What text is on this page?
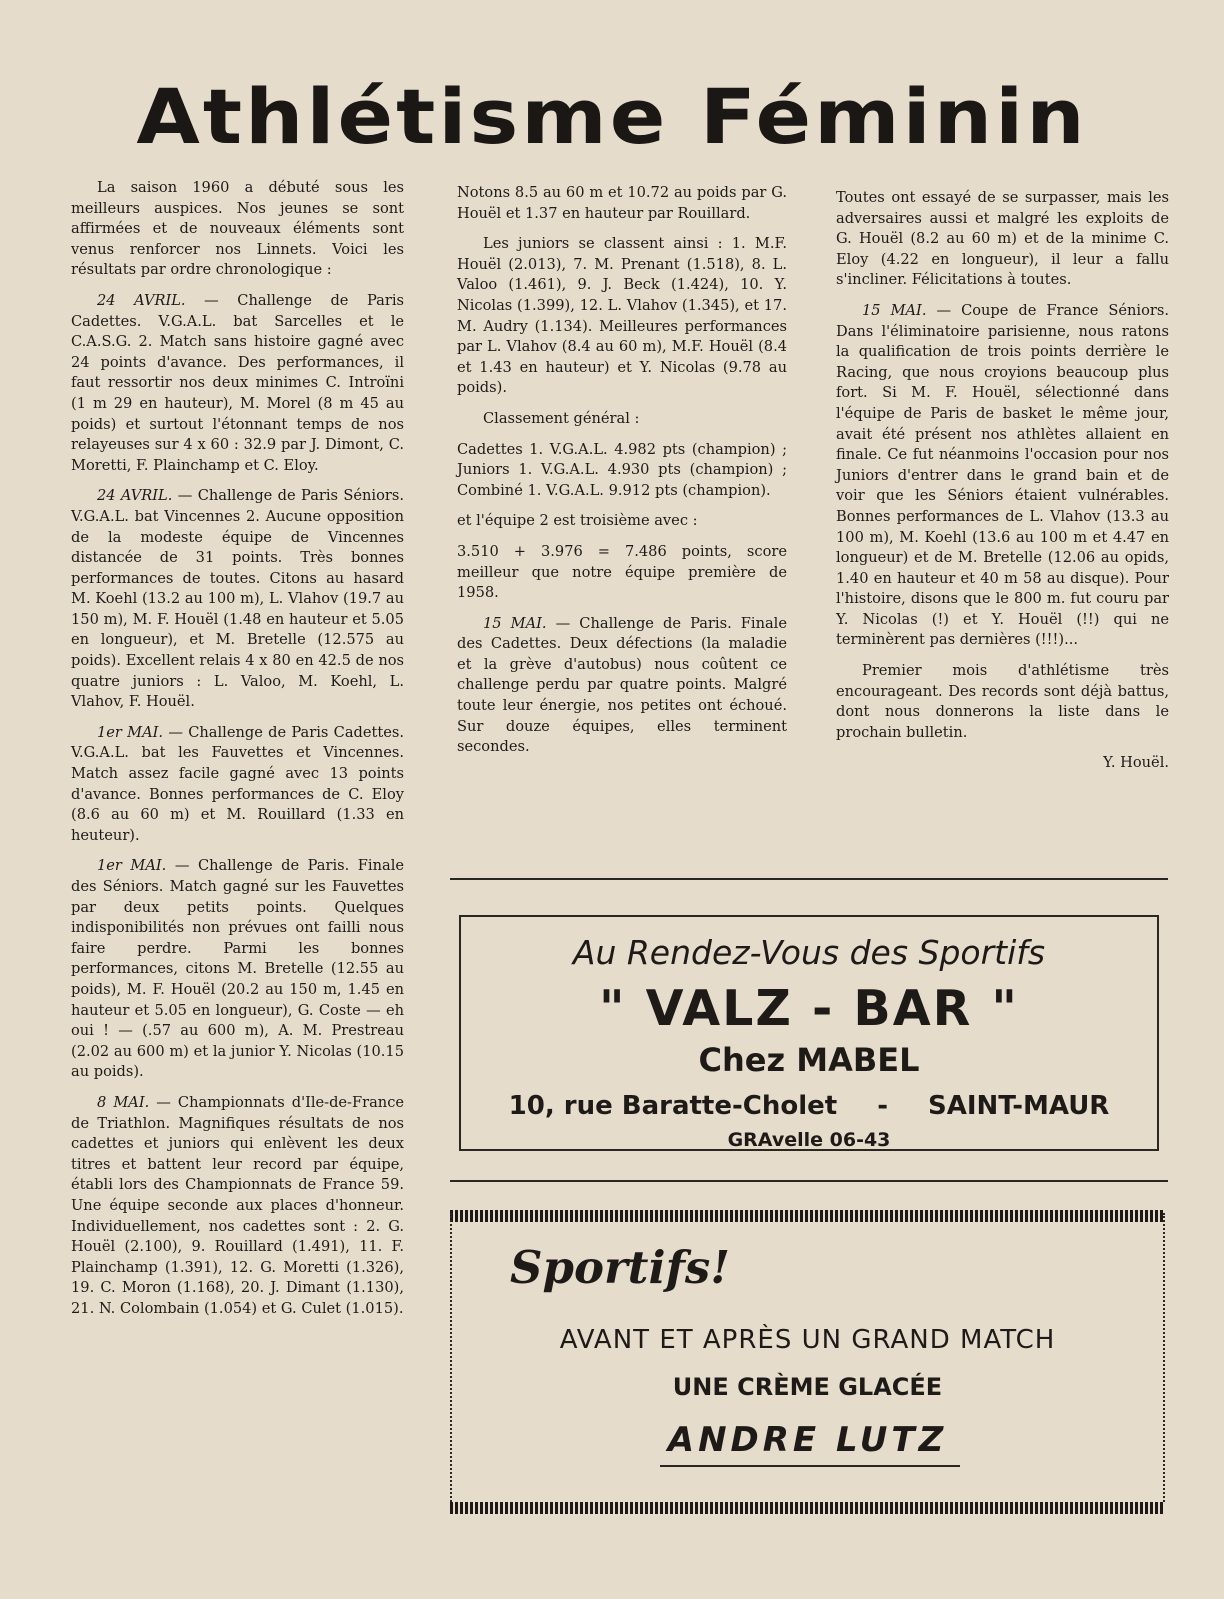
Athlétisme Féminin

La saison 1960 a débuté sous les meilleurs auspices. Nos jeunes se sont affirmées et de nouveaux éléments sont venus renforcer nos Linnets. Voici les résultats par ordre chronologique :

24 AVRIL. — Challenge de Paris Cadettes. V.G.A.L. bat Sarcelles et le C.A.S.G. 2. Match sans histoire gagné avec 24 points d'avance. Des performances, il faut ressortir nos deux minimes C. Introïni (1 m 29 en hauteur), M. Morel (8 m 45 au poids) et surtout l'étonnant temps de nos relayeuses sur 4 x 60 : 32.9 par J. Dimont, C. Moretti, F. Plainchamp et C. Eloy.

24 AVRIL. — Challenge de Paris Séniors. V.G.A.L. bat Vincennes 2. Aucune opposition de la modeste équipe de Vincennes distancée de 31 points. Très bonnes performances de toutes. Citons au hasard M. Koehl (13.2 au 100 m), L. Vlahov (19.7 au 150 m), M. F. Houël (1.48 en hauteur et 5.05 en longueur), et M. Bretelle (12.575 au poids). Excellent relais 4 x 80 en 42.5 de nos quatre juniors : L. Valoo, M. Koehl, L. Vlahov, F. Houël.

1er MAI. — Challenge de Paris Cadettes. V.G.A.L. bat les Fauvettes et Vincennes. Match assez facile gagné avec 13 points d'avance. Bonnes performances de C. Eloy (8.6 au 60 m) et M. Rouillard (1.33 en heuteur).

1er MAI. — Challenge de Paris. Finale des Séniors. Match gagné sur les Fauvettes par deux petits points. Quelques indisponibilités non prévues ont failli nous faire perdre. Parmi les bonnes performances, citons M. Bretelle (12.55 au poids), M. F. Houël (20.2 au 150 m, 1.45 en hauteur et 5.05 en longueur), G. Coste — eh oui ! — (.57 au 600 m), A. M. Prestreau (2.02 au 600 m) et la junior Y. Nicolas (10.15 au poids).

8 MAI. — Championnats d'Ile-de-France de Triathlon. Magnifiques résultats de nos cadettes et juniors qui enlèvent les deux titres et battent leur record par équipe, établi lors des Championnats de France 59. Une équipe seconde aux places d'honneur. Individuellement, nos cadettes sont : 2. G. Houël (2.100), 9. Rouillard (1.491), 11. F. Plainchamp (1.391), 12. G. Moretti (1.326), 19. C. Moron (1.168), 20. J. Dimant (1.130), 21. N. Colombain (1.054) et G. Culet (1.015).

Notons 8.5 au 60 m et 10.72 au poids par G. Houël et 1.37 en hauteur par Rouillard.

Les juniors se classent ainsi : 1. M.F. Houël (2.013), 7. M. Prenant (1.518), 8. L. Valoo (1.461), 9. J. Beck (1.424), 10. Y. Nicolas (1.399), 12. L. Vlahov (1.345), et 17. M. Audry (1.134). Meilleures performances par L. Vlahov (8.4 au 60 m), M.F. Houël (8.4 et 1.43 en hauteur) et Y. Nicolas (9.78 au poids).

Classement général :

Cadettes 1. V.G.A.L. 4.982 pts (champion) ; Juniors 1. V.G.A.L. 4.930 pts (champion) ; Combiné 1. V.G.A.L. 9.912 pts (champion).

et l'équipe 2 est troisième avec :

3.510 + 3.976 = 7.486 points, score meilleur que notre équipe première de 1958.

15 MAI. — Challenge de Paris. Finale des Cadettes. Deux défections (la maladie et la grève d'autobus) nous coûtent ce challenge perdu par quatre points. Malgré toute leur énergie, nos petites ont échoué. Sur douze équipes, elles terminent secondes.

Toutes ont essayé de se surpasser, mais les adversaires aussi et malgré les exploits de G. Houël (8.2 au 60 m) et de la minime C. Eloy (4.22 en longueur), il leur a fallu s'incliner. Félicitations à toutes.

15 MAI. — Coupe de France Séniors. Dans l'éliminatoire parisienne, nous ratons la qualification de trois points derrière le Racing, que nous croyions beaucoup plus fort. Si M. F. Houël, sélectionné dans l'équipe de Paris de basket le même jour, avait été présent nos athlètes allaient en finale. Ce fut néanmoins l'occasion pour nos Juniors d'entrer dans le grand bain et de voir que les Séniors étaient vulnérables. Bonnes performances de L. Vlahov (13.3 au 100 m), M. Koehl (13.6 au 100 m et 4.47 en longueur) et de M. Bretelle (12.06 au opids, 1.40 en hauteur et 40 m 58 au disque). Pour l'histoire, disons que le 800 m. fut couru par Y. Nicolas (!) et Y. Houël (!!) qui ne terminèrent pas dernières (!!!)...

Premier mois d'athlétisme très encourageant. Des records sont déjà battus, dont nous donnerons la liste dans le prochain bulletin.

Y. Houël.
Au Rendez-Vous des Sportifs
" VALZ - BAR "
Chez MABEL
10, rue Baratte-Cholet - SAINT-MAUR
GRAvelle 06-43
Sportifs!
AVANT ET APRÈS UN GRAND MATCH
UNE CRÈME GLACÉE
ANDRE LUTZ
